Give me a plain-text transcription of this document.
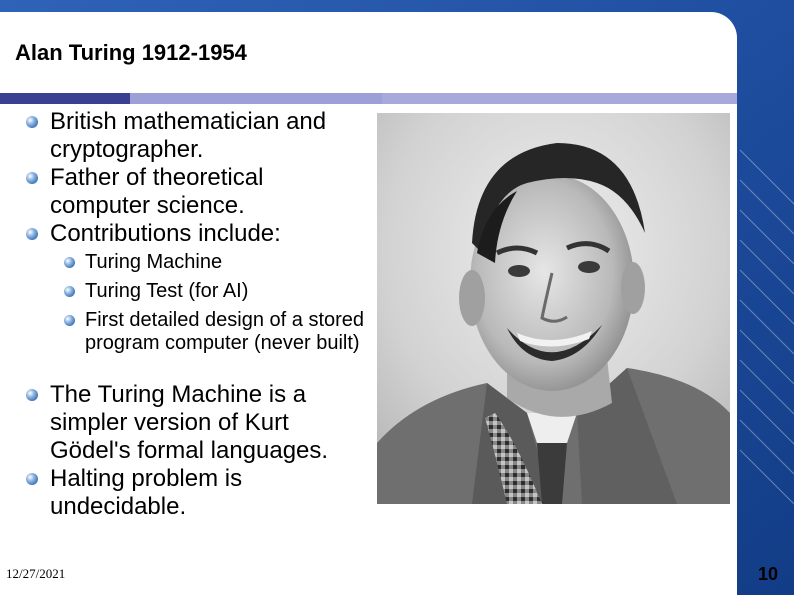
Alan Turing 1912-1954
British mathematician and cryptographer.
Father of theoretical computer science.
Contributions include:
Turing Machine
Turing Test (for AI)
First detailed design of a stored program computer (never built)
The Turing Machine is a simpler version of Kurt Gödel's formal languages.
Halting problem is undecidable.
12/27/2021	10
